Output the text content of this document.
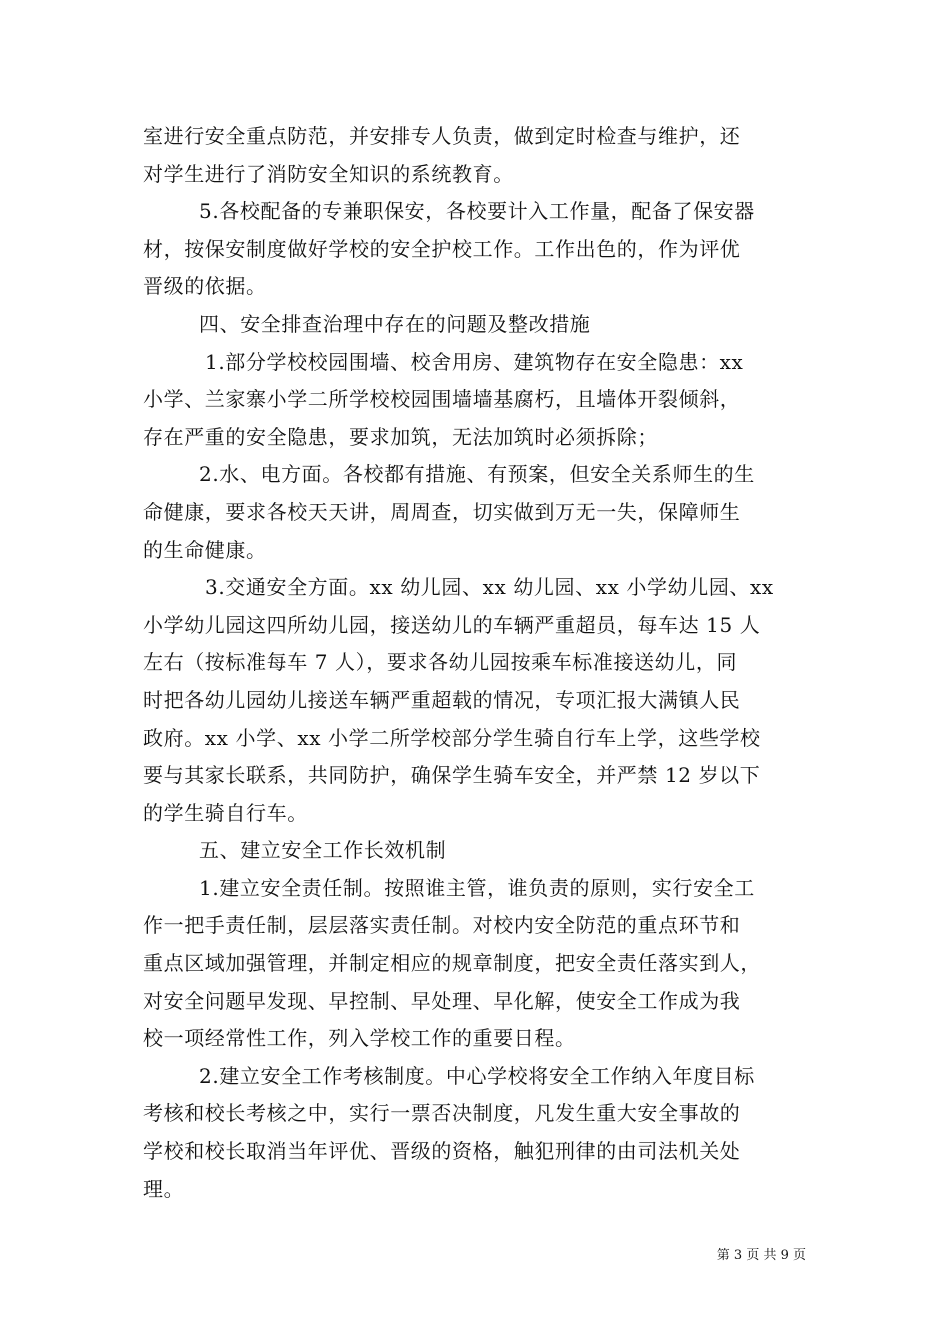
室进行安全重点防范，并安排专人负责，做到定时检查与维护，还
对学生进行了消防安全知识的系统教育。
5.各校配备的专兼职保安，各校要计入工作量，配备了保安器
材，按保安制度做好学校的安全护校工作。工作出色的，作为评优
晋级的依据。
四、安全排查治理中存在的问题及整改措施
1.部分学校校园围墙、校舍用房、建筑物存在安全隐患：xx
小学、兰家寨小学二所学校校园围墙墙基腐朽，且墙体开裂倾斜，
存在严重的安全隐患，要求加筑，无法加筑时必须拆除；
2.水、电方面。各校都有措施、有预案，但安全关系师生的生
命健康，要求各校天天讲，周周查，切实做到万无一失，保障师生
的生命健康。
3.交通安全方面。xx 幼儿园、xx 幼儿园、xx 小学幼儿园、xx
小学幼儿园这四所幼儿园，接送幼儿的车辆严重超员，每车达 15 人
左右（按标准每车 7 人），要求各幼儿园按乘车标准接送幼儿，同
时把各幼儿园幼儿接送车辆严重超载的情况，专项汇报大满镇人民
政府。xx 小学、xx 小学二所学校部分学生骑自行车上学，这些学校
要与其家长联系，共同防护，确保学生骑车安全，并严禁 12 岁以下
的学生骑自行车。
五、建立安全工作长效机制
1.建立安全责任制。按照谁主管，谁负责的原则，实行安全工
作一把手责任制，层层落实责任制。对校内安全防范的重点环节和
重点区域加强管理，并制定相应的规章制度，把安全责任落实到人，
对安全问题早发现、早控制、早处理、早化解，使安全工作成为我
校一项经常性工作，列入学校工作的重要日程。
2.建立安全工作考核制度。中心学校将安全工作纳入年度目标
考核和校长考核之中，实行一票否决制度，凡发生重大安全事故的
学校和校长取消当年评优、晋级的资格，触犯刑律的由司法机关处
理。
第 3 页 共 9 页
